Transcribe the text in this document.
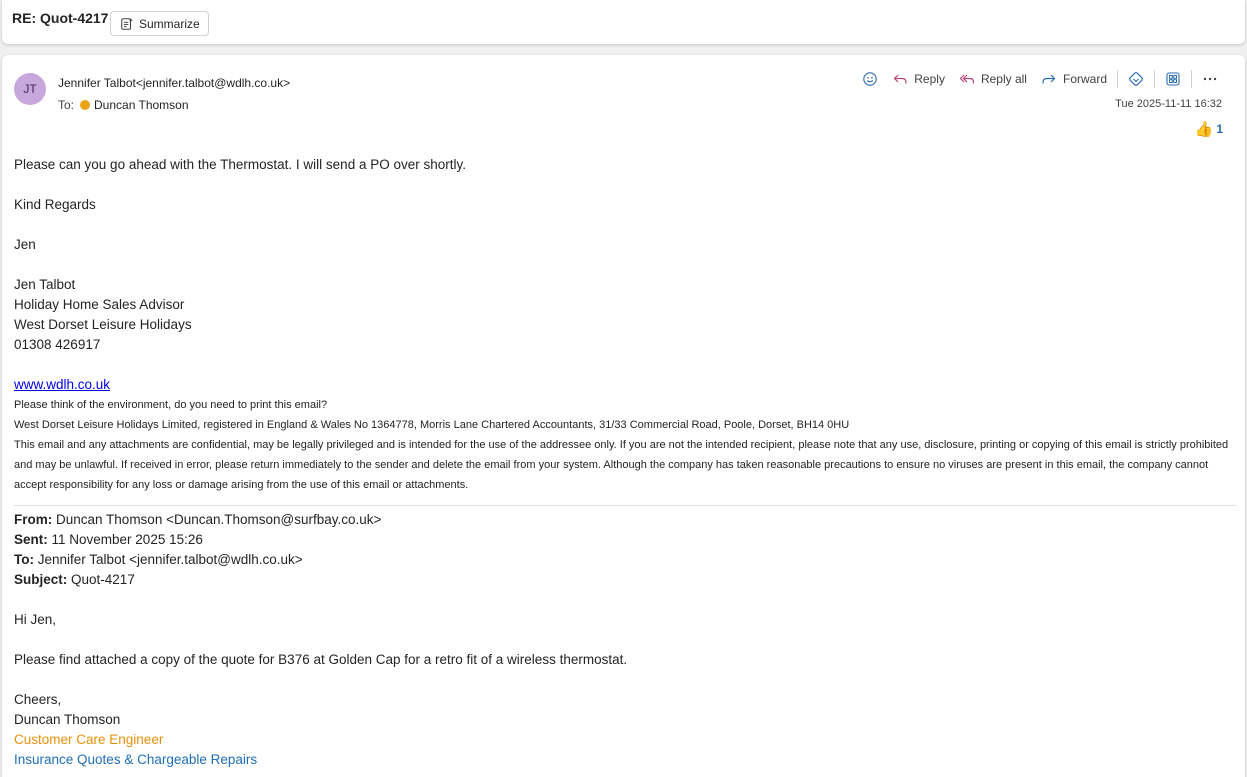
RE: Quot-4217	Summarize
JT	Jennifer Talbot<jennifer.talbot@wdlh.co.uk>
To: Duncan Thomson
Reply	Reply all	Forward
Tue 2025-11-11 16:32
👍 1
Please can you go ahead with the Thermostat. I will send a PO over shortly.
Kind Regards
Jen
Jen Talbot
Holiday Home Sales Advisor
West Dorset Leisure Holidays
01308 426917
www.wdlh.co.uk
Please think of the environment, do you need to print this email?
West Dorset Leisure Holidays Limited, registered in England & Wales No 1364778, Morris Lane Chartered Accountants, 31/33 Commercial Road, Poole, Dorset, BH14 0HU
This email and any attachments are confidential, may be legally privileged and is intended for the use of the addressee only. If you are not the intended recipient, please note that any use, disclosure, printing or copying of this email is strictly prohibited and may be unlawful. If received in error, please return immediately to the sender and delete the email from your system. Although the company has taken reasonable precautions to ensure no viruses are present in this email, the company cannot accept responsibility for any loss or damage arising from the use of this email or attachments.
From: Duncan Thomson <Duncan.Thomson@surfbay.co.uk>
Sent: 11 November 2025 15:26
To: Jennifer Talbot <jennifer.talbot@wdlh.co.uk>
Subject: Quot-4217
Hi Jen,
Please find attached a copy of the quote for B376 at Golden Cap for a retro fit of a wireless thermostat.
Cheers,
Duncan Thomson
Customer Care Engineer
Insurance Quotes & Chargeable Repairs
